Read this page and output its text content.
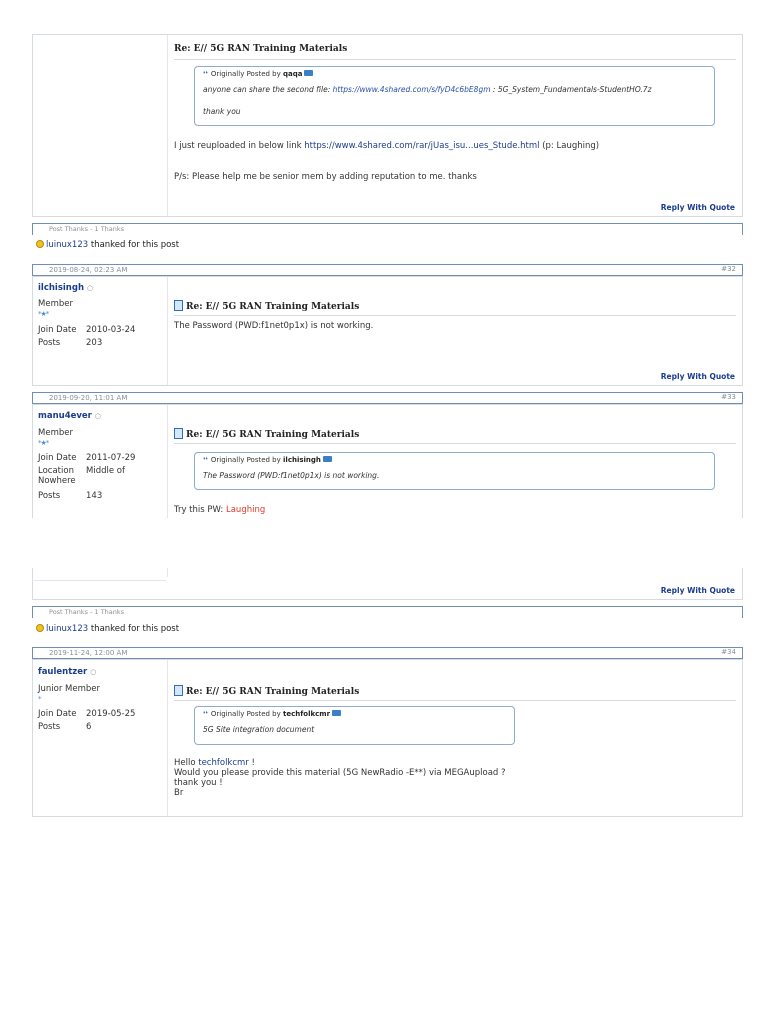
Re: E// 5G RAN Training Materials
❛❛ Originally Posted by qaqa
anyone can share the second file: https://www.4shared.com/s/fyD4c6bE8gm : 5G_System_Fundamentals-StudentHO.7z
thank you
I just reuploaded in below link https://www.4shared.com/rar/jUas_isu...ues_Stude.html (p: Laughing)
P/s: Please help me be senior mem by adding reputation to me. thanks
Reply With Quote
Post Thanks - 1 Thanks
luinux123 thanked for this post
2019-08-24, 02:23 AM	#32
ilchisingh ○
Member
*★*
Join Date 2010-03-24
Posts	203
Re: E// 5G RAN Training Materials
The Password (PWD:f1net0p1x) is not working.
Reply With Quote
2019-09-20, 11:01 AM	#33
manu4ever ○
Member
*★*
Join Date 2011-07-29
Location	Middle of Nowhere
Posts	143
Re: E// 5G RAN Training Materials
❛❛ Originally Posted by ilchisingh
The Password (PWD:f1net0p1x) is not working.
Try this PW: Laughing
Reply With Quote
Post Thanks - 1 Thanks
luinux123 thanked for this post
2019-11-24, 12:00 AM	#34
faulentzer ○
Junior Member
*
Join Date 2019-05-25
Posts	6
Re: E// 5G RAN Training Materials
❛❛ Originally Posted by techfolkcmr
5G Site integration document
Hello techfolkcmr !
Would you please provide this material (5G NewRadio -E**) via MEGAupload ?
thank you !
Br
